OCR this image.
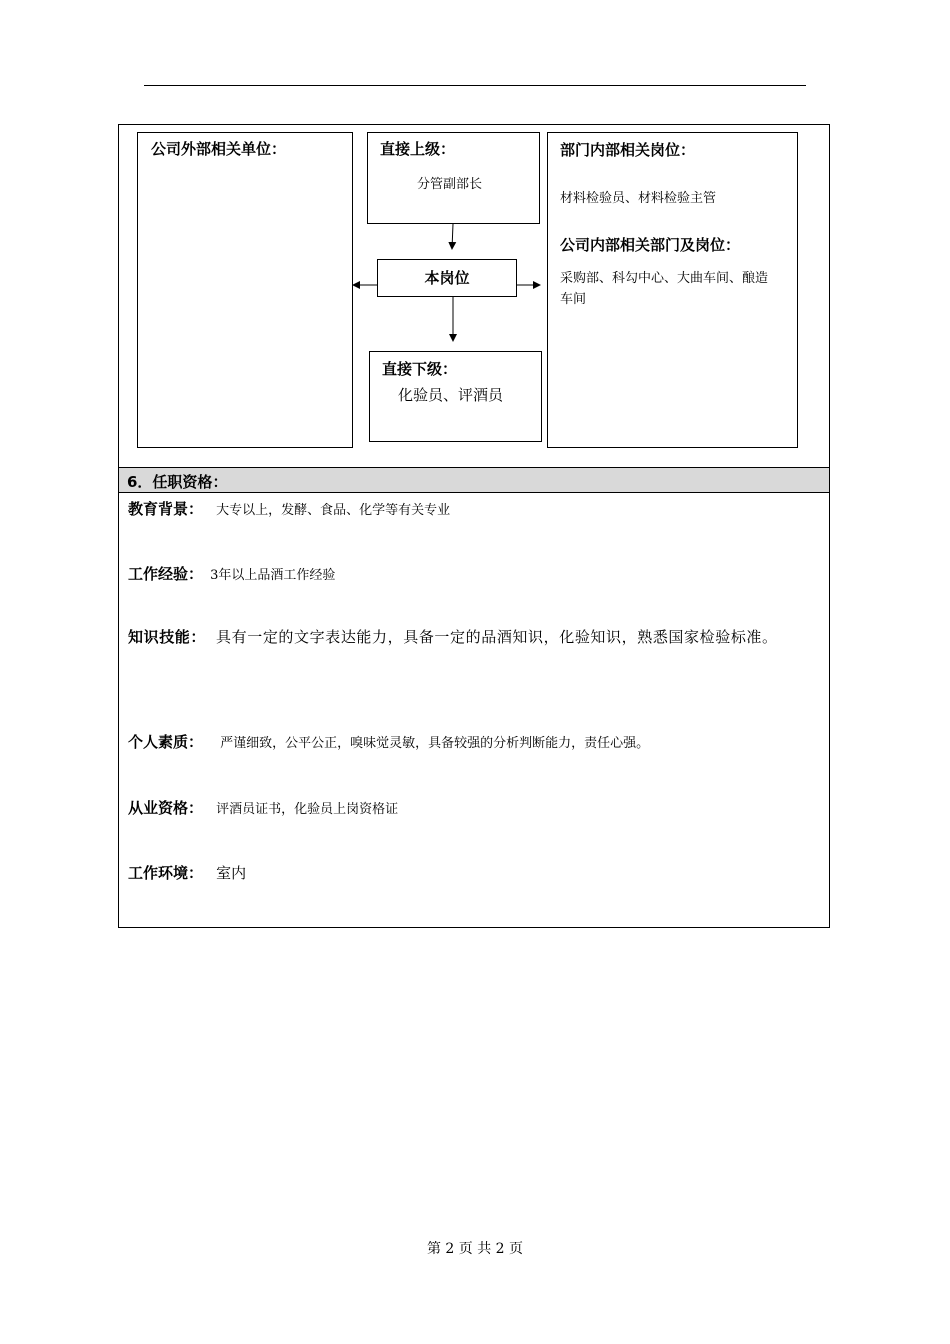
公司外部相关单位：	直接上级：
分管副部长
本岗位
直接下级：
化验员、评酒员
部门内部相关岗位：
材料检验员、材料检验主管
公司内部相关部门及岗位：
采购部、科勾中心、大曲车间、酿造
车间
6．任职资格：
教育背景： 大专以上，发酵、食品、化学等有关专业
工作经验： 3年以上品酒工作经验
知识技能： 具有一定的文字表达能力，具备一定的品酒知识，化验知识，熟悉国家检验标准。
个人素质： 严谨细致，公平公正，嗅味觉灵敏，具备较强的分析判断能力，责任心强。
从业资格： 评酒员证书，化验员上岗资格证
工作环境： 室内
第 2 页 共 2 页
